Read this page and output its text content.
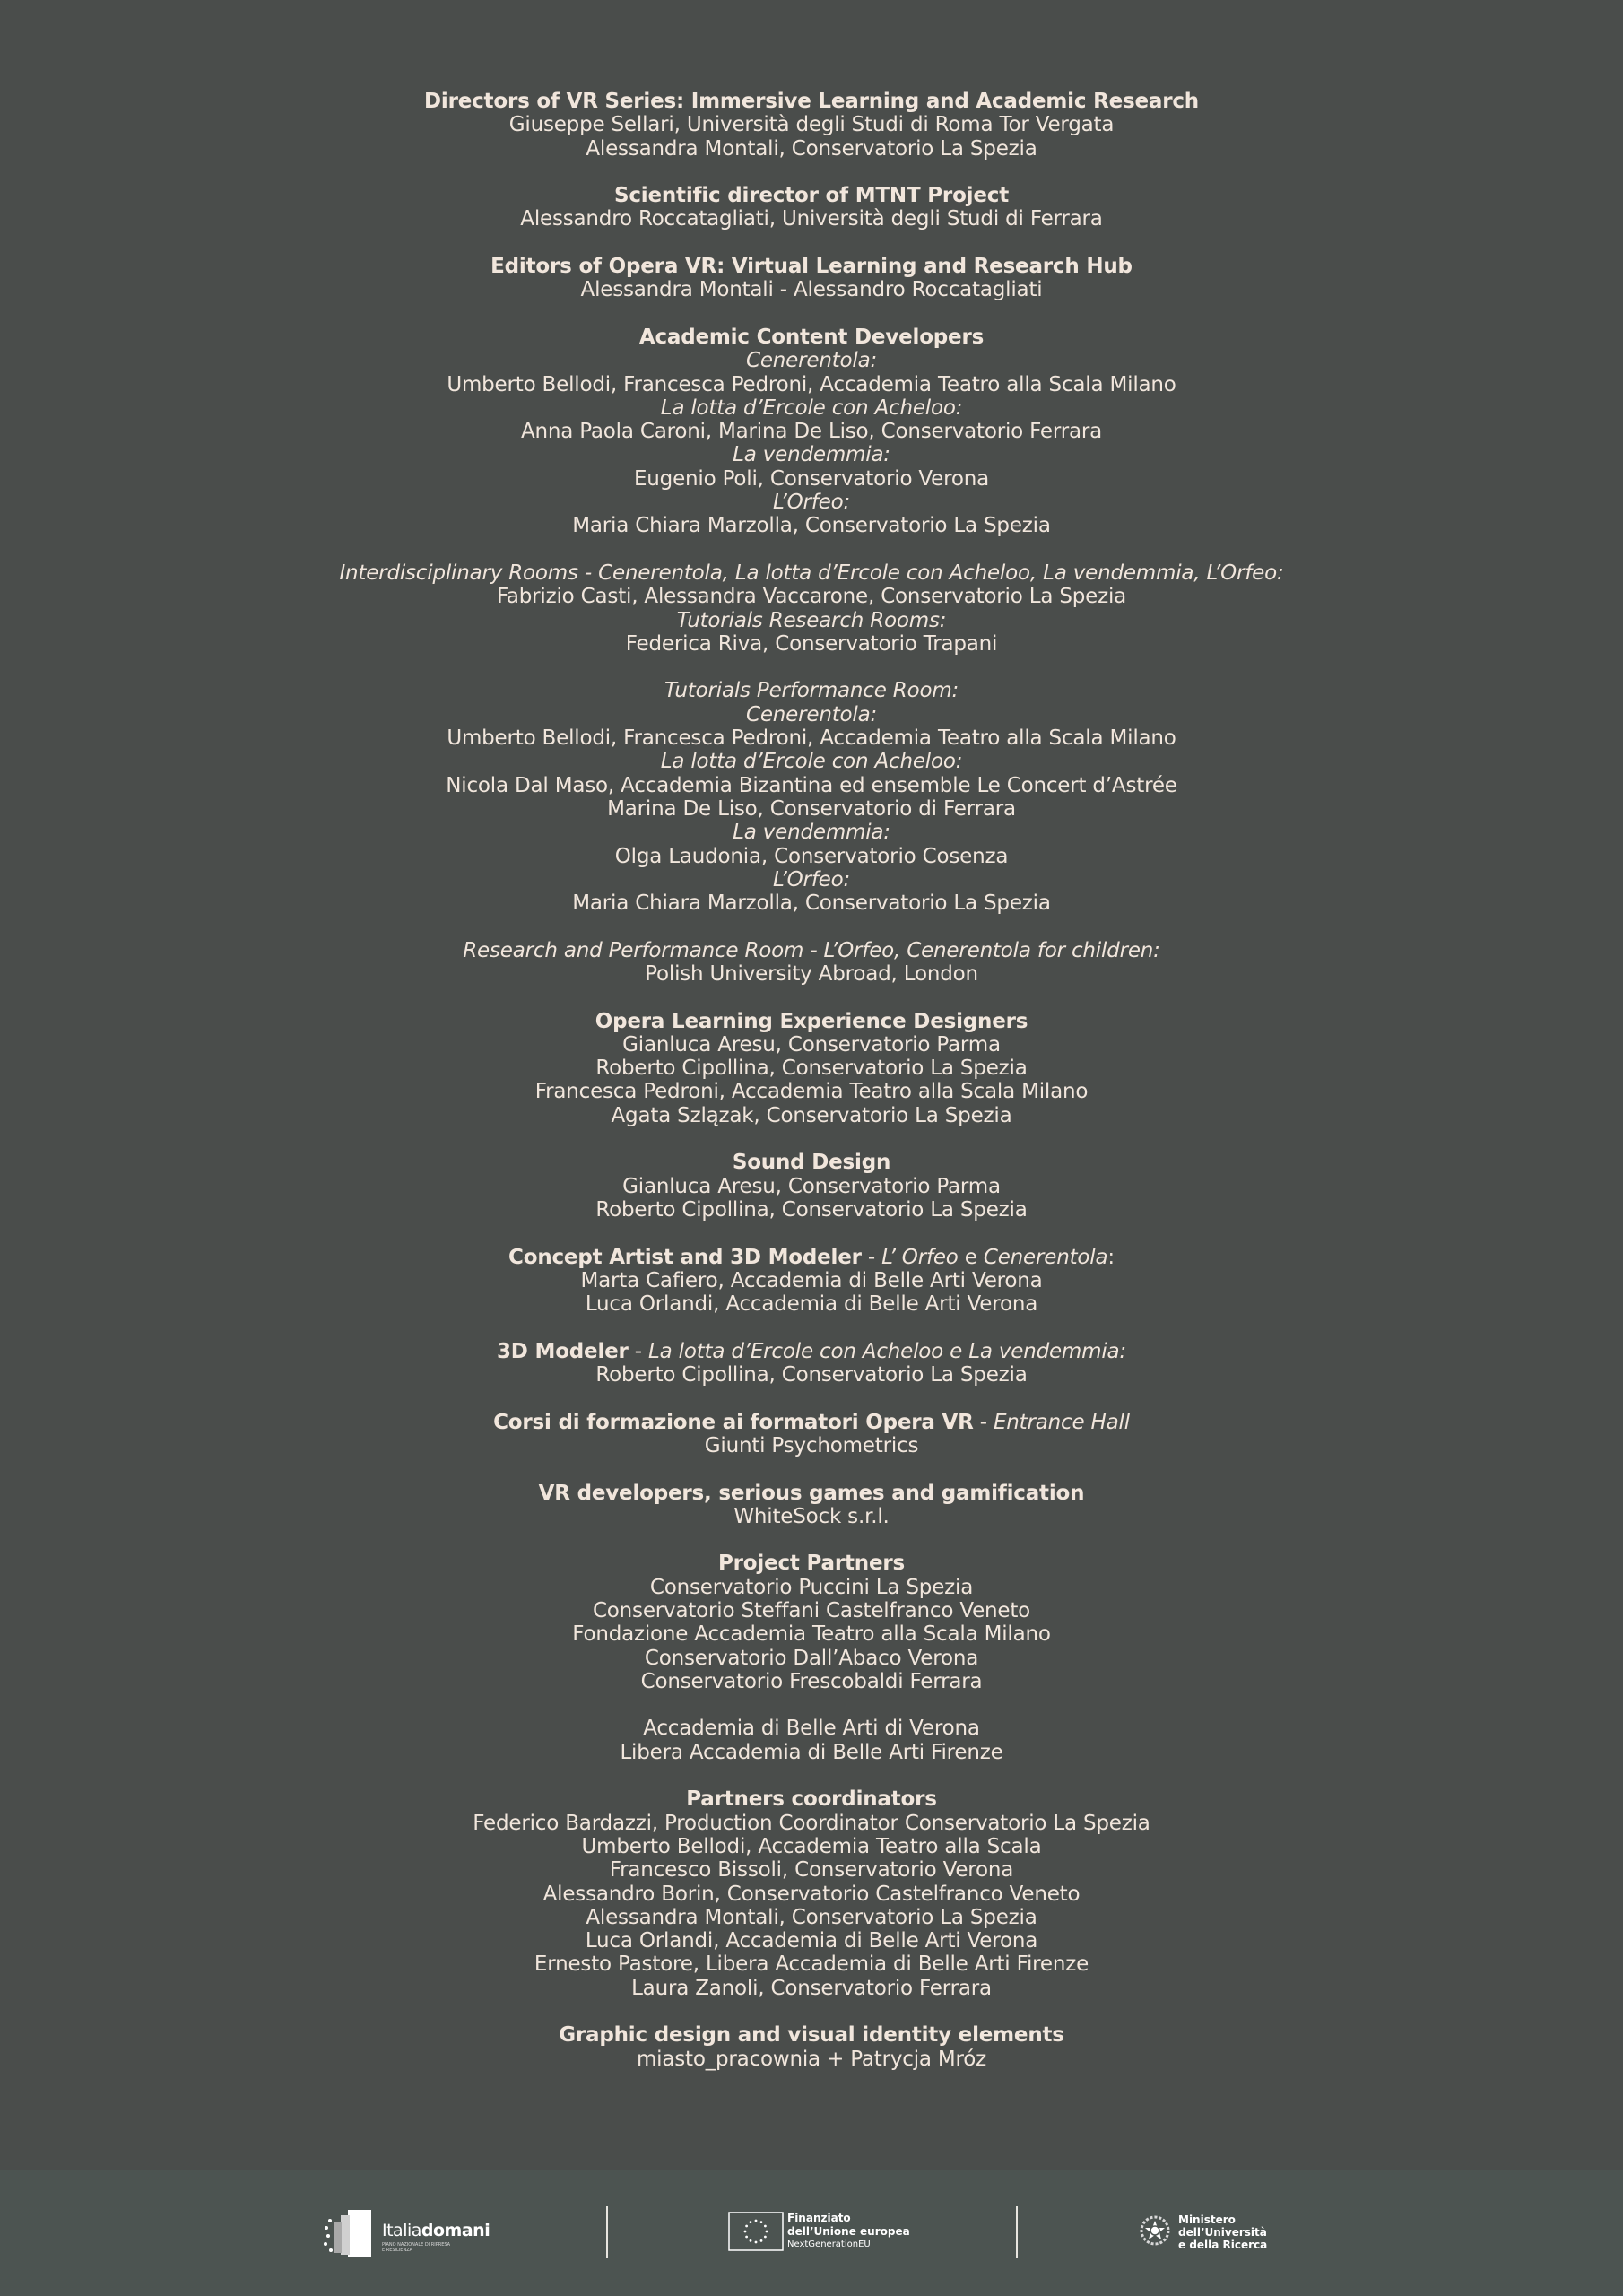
Directors of VR Series: Immersive Learning and Academic Research
Giuseppe Sellari, Università degli Studi di Roma Tor Vergata
Alessandra Montali, Conservatorio La Spezia
Scientific director of MTNT Project
Alessandro Roccatagliati, Università degli Studi di Ferrara
Editors of Opera VR: Virtual Learning and Research Hub
Alessandra Montali - Alessandro Roccatagliati
Academic Content Developers
Cenerentola:
Umberto Bellodi, Francesca Pedroni, Accademia Teatro alla Scala Milano
La lotta d’Ercole con Acheloo:
Anna Paola Caroni, Marina De Liso, Conservatorio Ferrara
La vendemmia:
Eugenio Poli, Conservatorio Verona
L’Orfeo:
Maria Chiara Marzolla, Conservatorio La Spezia
Interdisciplinary Rooms - Cenerentola, La lotta d’Ercole con Acheloo, La vendemmia, L’Orfeo:
Fabrizio Casti, Alessandra Vaccarone, Conservatorio La Spezia
Tutorials Research Rooms:
Federica Riva, Conservatorio Trapani
Tutorials Performance Room:
Cenerentola:
Umberto Bellodi, Francesca Pedroni, Accademia Teatro alla Scala Milano
La lotta d’Ercole con Acheloo:
Nicola Dal Maso, Accademia Bizantina ed ensemble Le Concert d’Astrée
Marina De Liso, Conservatorio di Ferrara
La vendemmia:
Olga Laudonia, Conservatorio Cosenza
L’Orfeo:
Maria Chiara Marzolla, Conservatorio La Spezia
Research and Performance Room - L’Orfeo, Cenerentola for children:
Polish University Abroad, London
Opera Learning Experience Designers
Gianluca Aresu, Conservatorio Parma
Roberto Cipollina, Conservatorio La Spezia
Francesca Pedroni, Accademia Teatro alla Scala Milano
Agata Szlązak, Conservatorio La Spezia
Sound Design
Gianluca Aresu, Conservatorio Parma
Roberto Cipollina, Conservatorio La Spezia
Concept Artist and 3D Modeler - L’ Orfeo e Cenerentola:
Marta Cafiero, Accademia di Belle Arti Verona
Luca Orlandi, Accademia di Belle Arti Verona
3D Modeler - La lotta d’Ercole con Acheloo e La vendemmia:
Roberto Cipollina, Conservatorio La Spezia
Corsi di formazione ai formatori Opera VR - Entrance Hall
Giunti Psychometrics
VR developers, serious games and gamification
WhiteSock s.r.l.
Project Partners
Conservatorio Puccini La Spezia
Conservatorio Steffani Castelfranco Veneto
Fondazione Accademia Teatro alla Scala Milano
Conservatorio Dall’Abaco Verona
Conservatorio Frescobaldi Ferrara
Accademia di Belle Arti di Verona
Libera Accademia di Belle Arti Firenze
Partners coordinators
Federico Bardazzi, Production Coordinator Conservatorio La Spezia
Umberto Bellodi, Accademia Teatro alla Scala
Francesco Bissoli, Conservatorio Verona
Alessandro Borin, Conservatorio Castelfranco Veneto
Alessandra Montali, Conservatorio La Spezia
Luca Orlandi, Accademia di Belle Arti Verona
Ernesto Pastore, Libera Accademia di Belle Arti Firenze
Laura Zanoli, Conservatorio Ferrara
Graphic design and visual identity elements
miasto_pracownia + Patrycja Mróz
Italiadomani
PIANO NAZIONALE DI RIPRESA E RESILIENZA
Finanziato
dell’Unione europea
NextGenerationEU
Ministero
dell’Università
e della Ricerca
